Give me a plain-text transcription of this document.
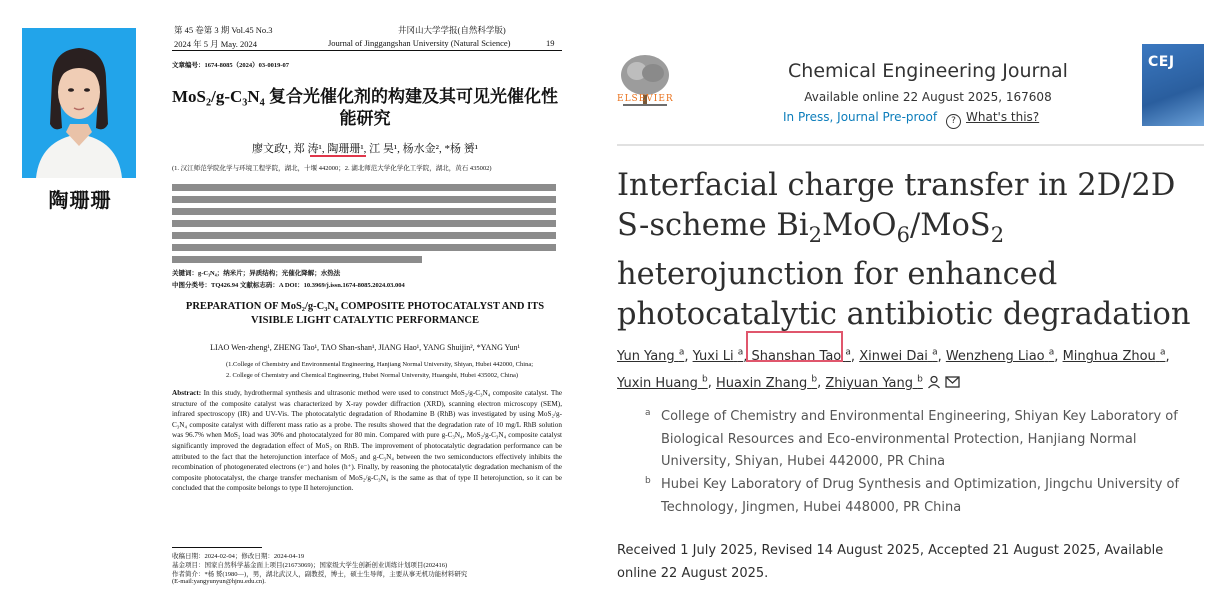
陶珊珊
第 45 卷第 3 期 Vol.45 No.3	井冈山大学学报(自然科学版)
2024 年 5 月 May. 2024	Journal of Jinggangshan University (Natural Science)	19
文章编号：1674-8085（2024）03-0019-07
MoS₂/g-C₃N₄ 复合光催化剂的构建及其可见光催化性能研究
廖文政¹, 郑 涛¹, 陶珊珊¹, 江 昊¹, 杨水金², *杨 赟¹
(1. 汉江师范学院化学与环境工程学院，湖北，十堰 442000；2. 湖北师范大学化学化工学院，湖北，黄石 435002)
关键词：g-C₃N₄；纳米片；异质结构；光催化降解；水热法
中图分类号：TQ426.94 文献标志码：A DOI：10.3969/j.issn.1674-8085.2024.03.004
PREPARATION OF MoS₂/g-C₃N₄ COMPOSITE PHOTOCATALYST AND ITS VISIBLE LIGHT CATALYTIC PERFORMANCE
LIAO Wen-zheng¹, ZHENG Tao¹, TAO Shan-shan¹, JIANG Hao¹, YANG Shuijin², *YANG Yun¹
(1.College of Chemistry and Environmental Engineering, Hanjiang Normal University, Shiyan, Hubei 442000, China;
2. College of Chemistry and Chemical Engineering, Hubei Normal University, Huangshi, Hubei 435002, China)
Abstract: In this study, hydrothermal synthesis and ultrasonic method were used to construct MoS₂/g-C₃N₄ composite catalyst. The structure of the composite catalyst was characterized by X-ray powder diffraction (XRD), scanning electron microscopy (SEM), infrared spectroscopy (IR) and UV-Vis. The photocatalytic degradation of Rhodamine B (RhB) was investigated by using MoS₂/g-C₃N₄ composite catalyst with different mass ratio as a probe. The results showed that the degradation rate of 10 mg/L RhB solution was 96.7% when MoS₂ load was 30% and photocatalyzed for 80 min. Compared with pure g-C₃N₄, MoS₂/g-C₃N₄ composite catalyst significantly improved the degradation effect of MoS₂ on RhB. The improvement of photocatalytic degradation performance can be attributed to the fact that the heterojunction interface of MoS₂ and g-C₃N₄ between the two semiconductors effectively inhibits the recombination of photogenerated electrons (e⁻) and holes (h⁺). Finally, by reasoning the photocatalytic degradation mechanism of the composite photocatalyst, the charge transfer mechanism of MoS₂/g-C₃N₄ is the same as that of type II heterojunction, so it can be concluded that the composite belongs to type II heterojunction.
收稿日期：2024-02-04；修改日期：2024-04-19
基金项目：国家自然科学基金面上项目(21673069)；国家级大学生创新创业训练计划项目(202416)
作者简介：*杨 赟(1980—)，男，湖北武汉人，副教授，博士，硕士生导师，主要从事无机功能材料研究
(E-mail:yangyunyun@hjnu.edu.cn).
ELSEVIER
Chemical Engineering Journal
Available online 22 August 2025, 167608
In Press, Journal Pre-proof	? What's this?
CEJ
Interfacial charge transfer in 2D/2D S-scheme $Bi_2MoO_6/MoS_2$ heterojunction for enhanced photocatalytic antibiotic degradation
Yun Yang $^a$, Yuxi Li $^a$, Shanshan Tao $^a$, Xinwei Dai $^a$, Wenzheng Liao $^a$, Minghua Zhou $^a$, Yuxin Huang $^b$, Huaxin Zhang $^b$, Zhiyuan Yang $^b$
a College of Chemistry and Environmental Engineering, Shiyan Key Laboratory of Biological Resources and Eco-environmental Protection, Hanjiang Normal University, Shiyan, Hubei 442000, PR China
b Hubei Key Laboratory of Drug Synthesis and Optimization, Jingchu University of Technology, Jingmen, Hubei 448000, PR China
Received 1 July 2025, Revised 14 August 2025, Accepted 21 August 2025, Available online 22 August 2025.
